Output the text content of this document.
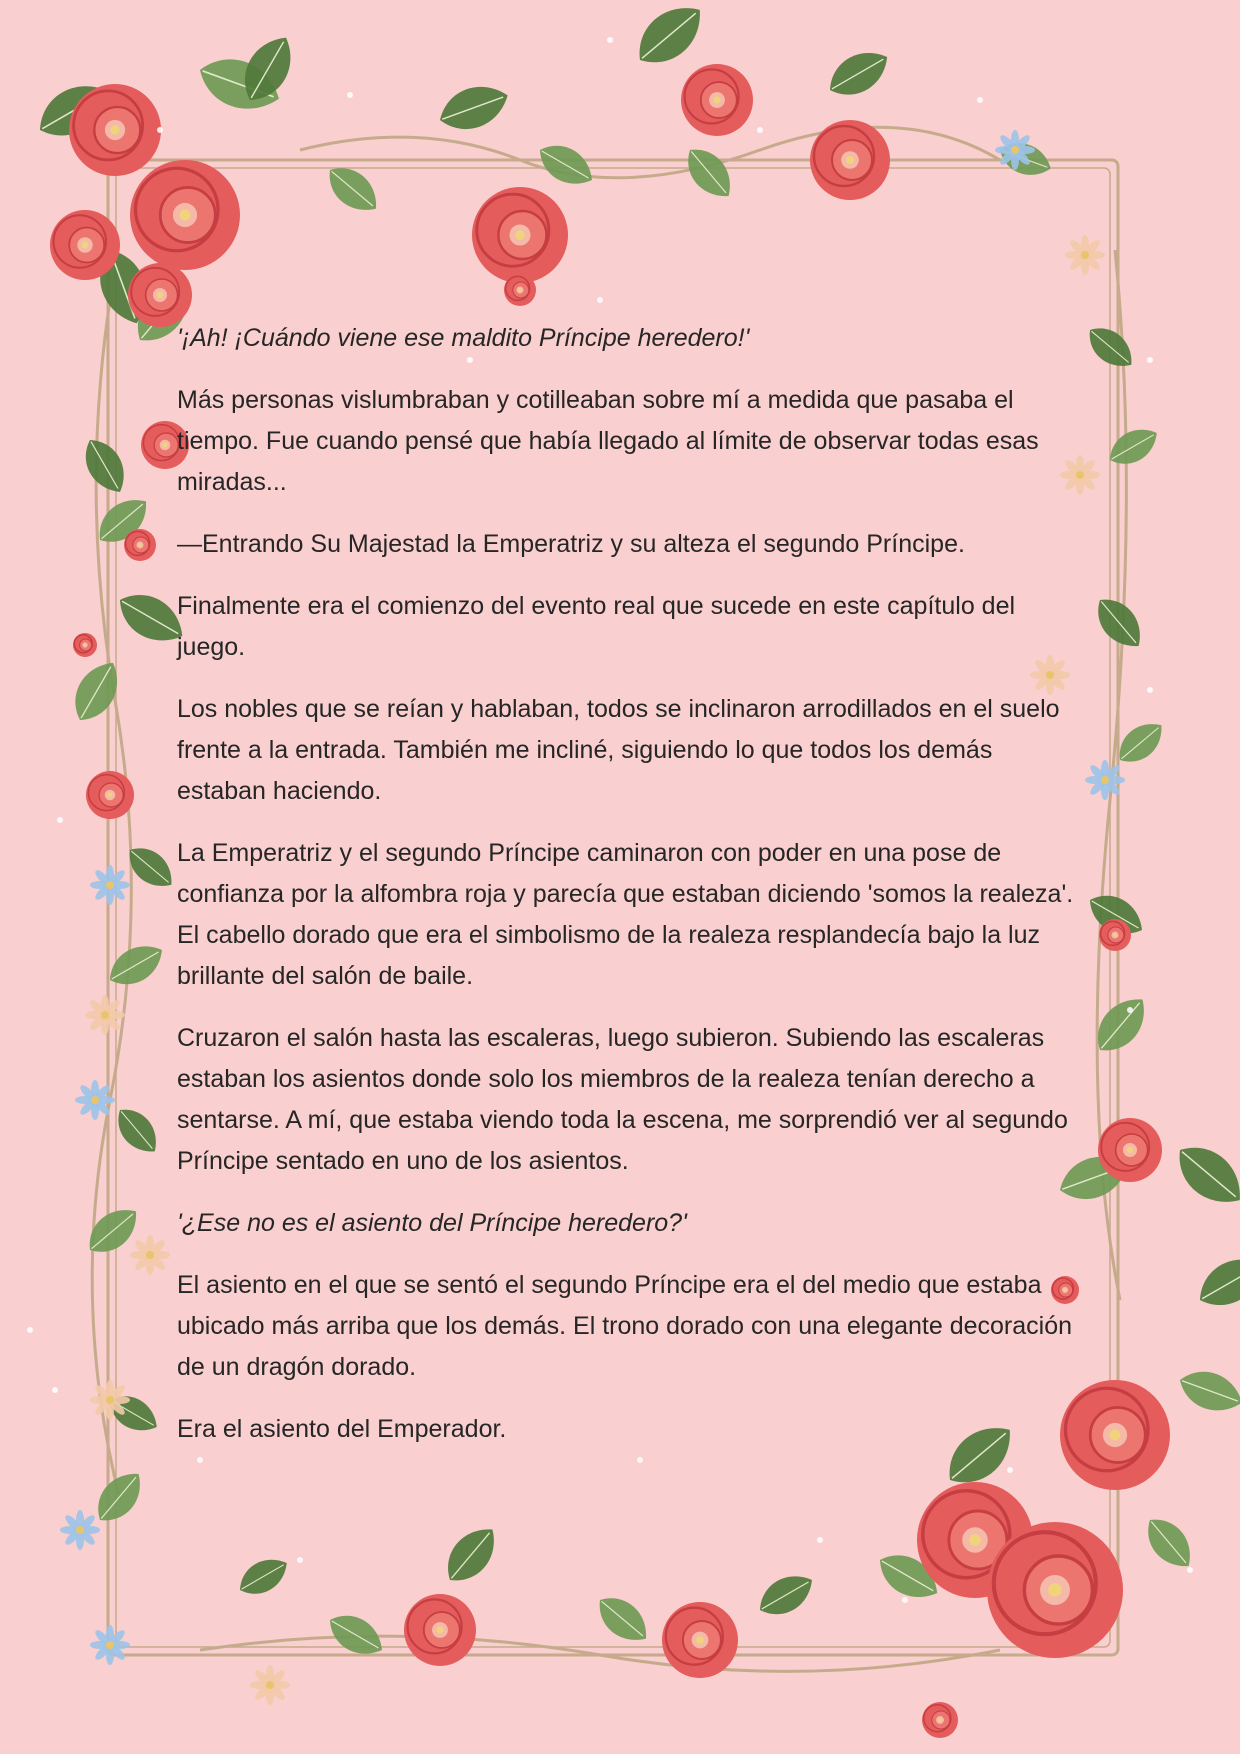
'¡Ah! ¡Cuándo viene ese maldito Príncipe heredero!'

Más personas vislumbraban y cotilleaban sobre mí a medida que pasaba el tiempo. Fue cuando pensé que había llegado al límite de observar todas esas miradas...

—Entrando Su Majestad la Emperatriz y su alteza el segundo Príncipe.

Finalmente era el comienzo del evento real que sucede en este capítulo del juego.

Los nobles que se reían y hablaban, todos se inclinaron arrodillados en el suelo frente a la entrada. También me incliné, siguiendo lo que todos los demás estaban haciendo.

La Emperatriz y el segundo Príncipe caminaron con poder en una pose de confianza por la alfombra roja y parecía que estaban diciendo 'somos la realeza'. El cabello dorado que era el simbolismo de la realeza resplandecía bajo la luz brillante del salón de baile.

Cruzaron el salón hasta las escaleras, luego subieron. Subiendo las escaleras estaban los asientos donde solo los miembros de la realeza tenían derecho a sentarse. A mí, que estaba viendo toda la escena, me sorprendió ver al segundo Príncipe sentado en uno de los asientos.

'¿Ese no es el asiento del Príncipe heredero?'

El asiento en el que se sentó el segundo Príncipe era el del medio que estaba ubicado más arriba que los demás. El trono dorado con una elegante decoración de un dragón dorado.

Era el asiento del Emperador.
